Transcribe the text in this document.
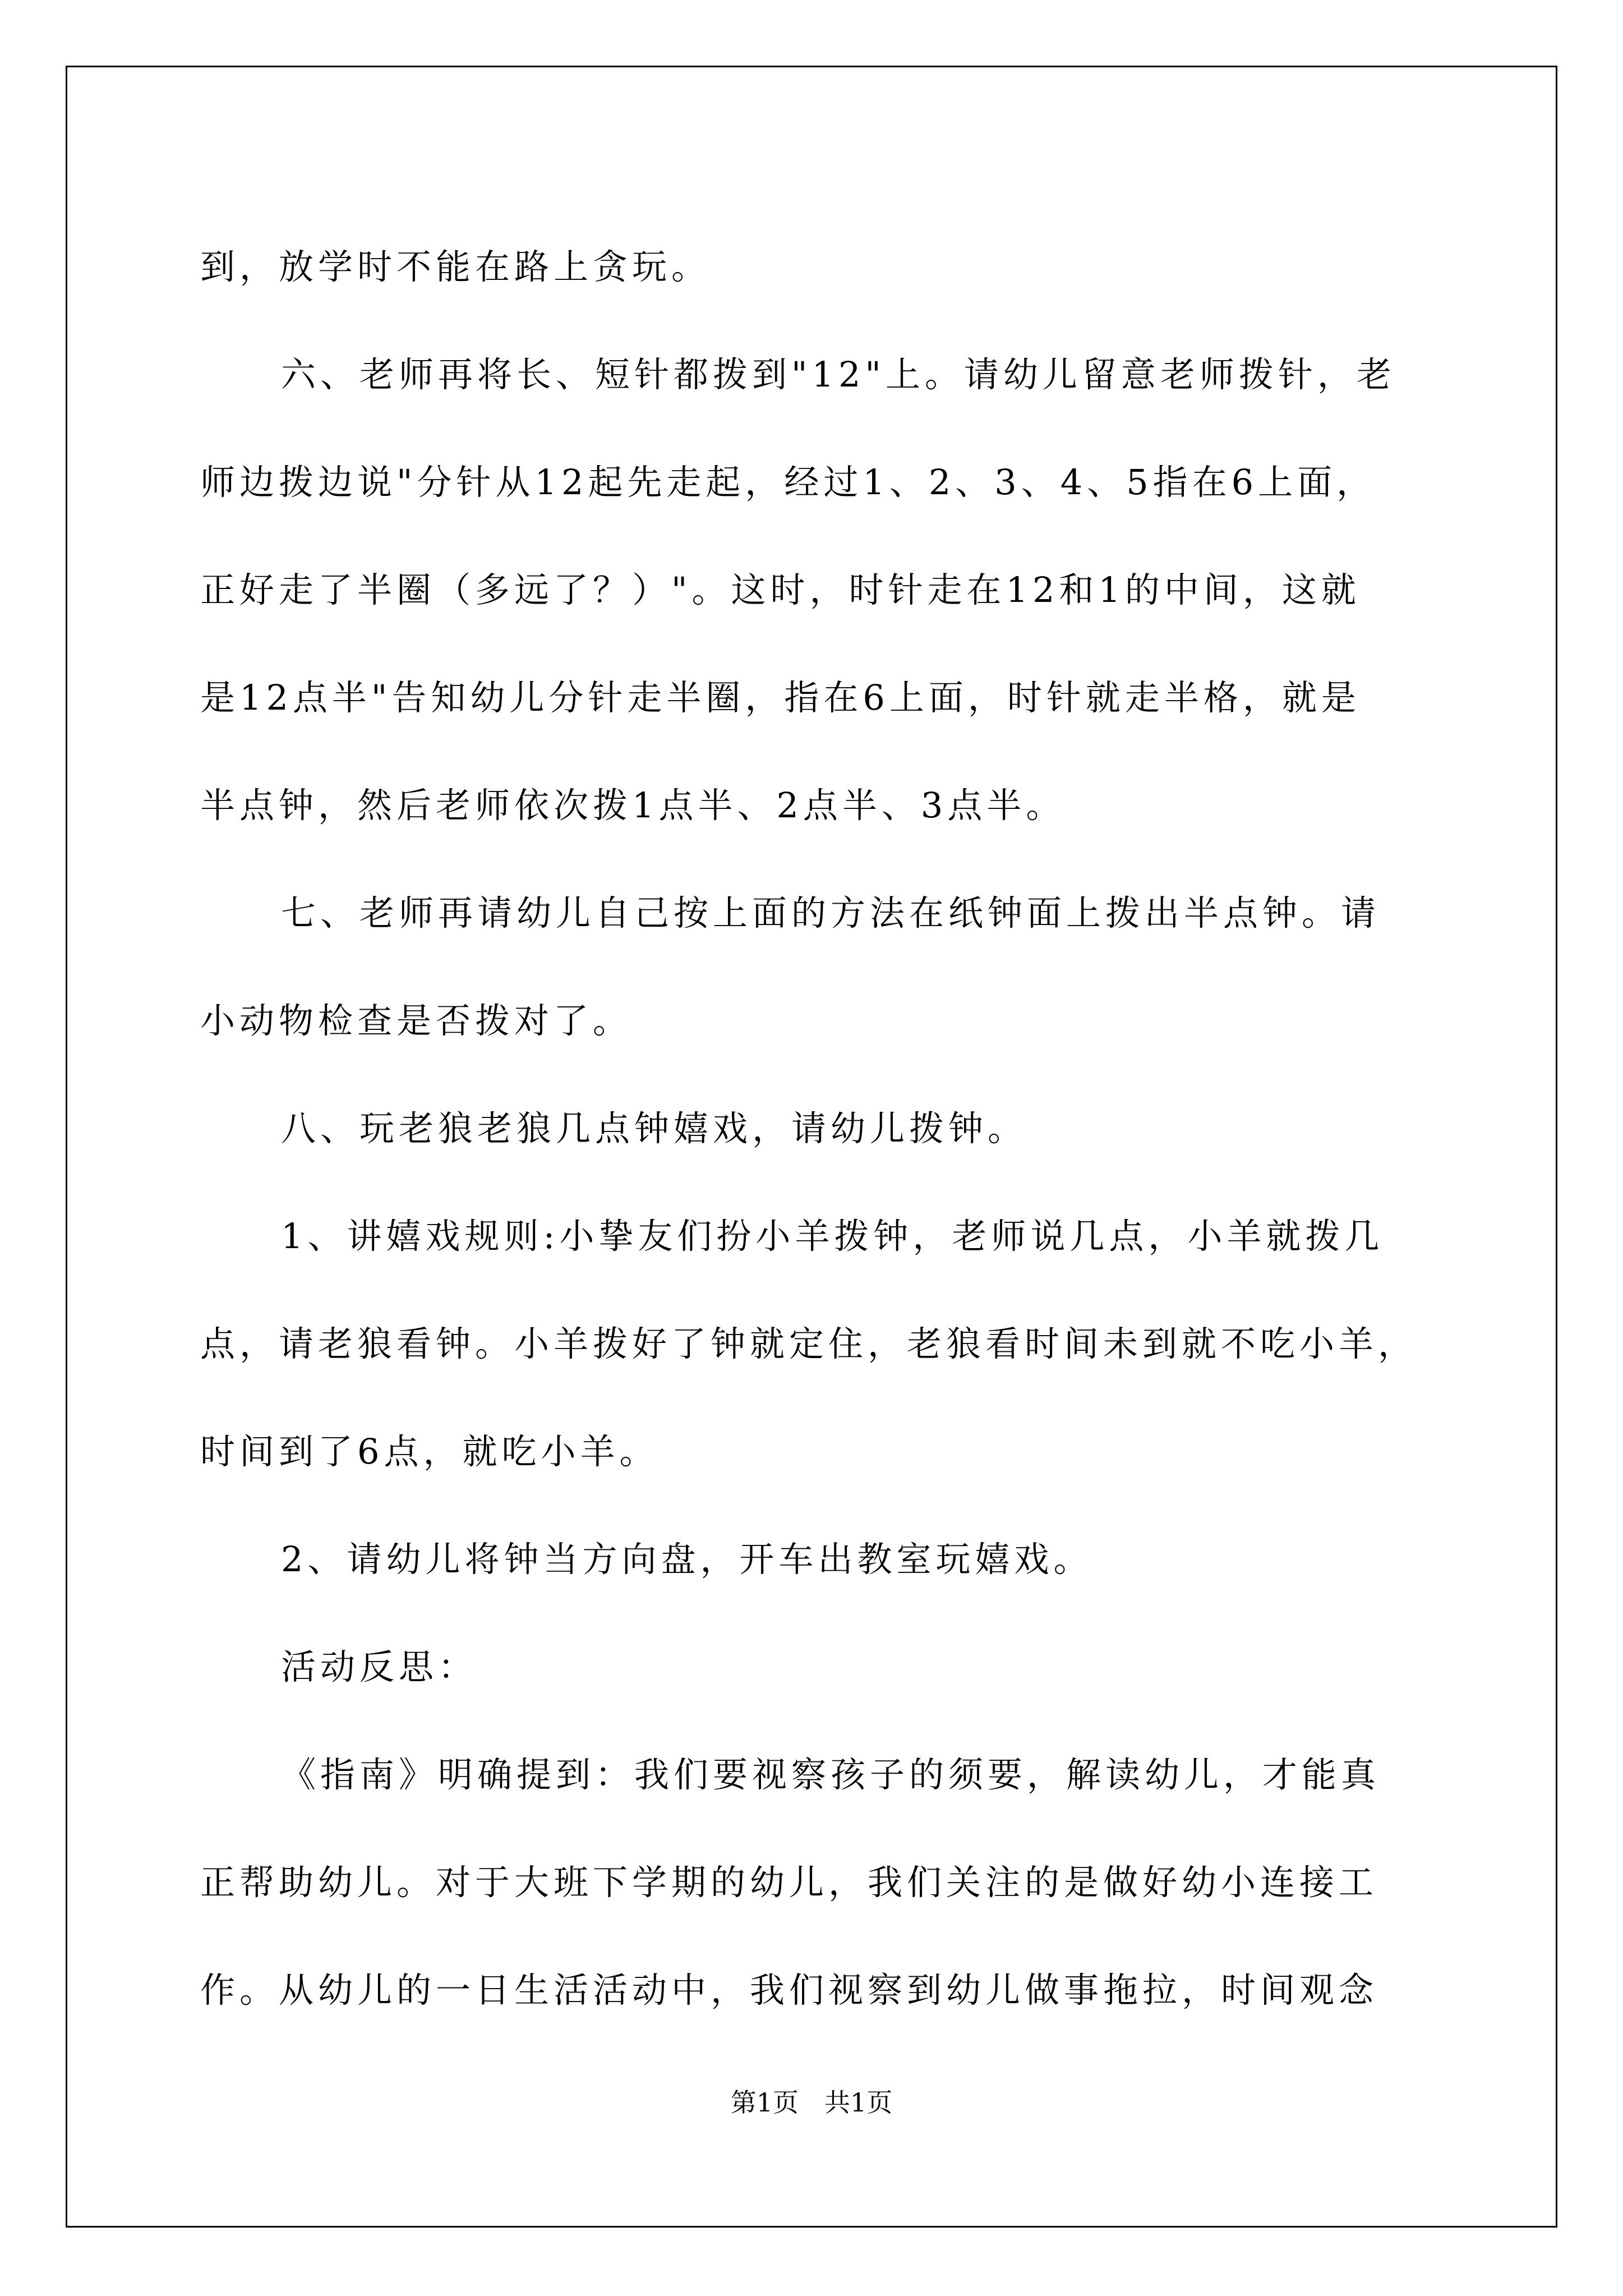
到，放学时不能在路上贪玩。

六、老师再将长、短针都拨到"12"上。请幼儿留意老师拨针，老

师边拨边说"分针从12起先走起，经过1、2、3、4、5指在6上面，

正好走了半圈（多远了？）"。这时，时针走在12和1的中间，这就

是12点半"告知幼儿分针走半圈，指在6上面，时针就走半格，就是

半点钟，然后老师依次拨1点半、2点半、3点半。

七、老师再请幼儿自己按上面的方法在纸钟面上拨出半点钟。请

小动物检查是否拨对了。

八、玩老狼老狼几点钟嬉戏，请幼儿拨钟。

1、讲嬉戏规则:小挚友们扮小羊拨钟，老师说几点，小羊就拨几

点，请老狼看钟。小羊拨好了钟就定住，老狼看时间未到就不吃小羊，

时间到了6点，就吃小羊。

2、请幼儿将钟当方向盘，开车出教室玩嬉戏。

活动反思：

《指南》明确提到：我们要视察孩子的须要，解读幼儿，才能真

正帮助幼儿。对于大班下学期的幼儿，我们关注的是做好幼小连接工

作。从幼儿的一日生活活动中，我们视察到幼儿做事拖拉，时间观念

第1页　共1页
